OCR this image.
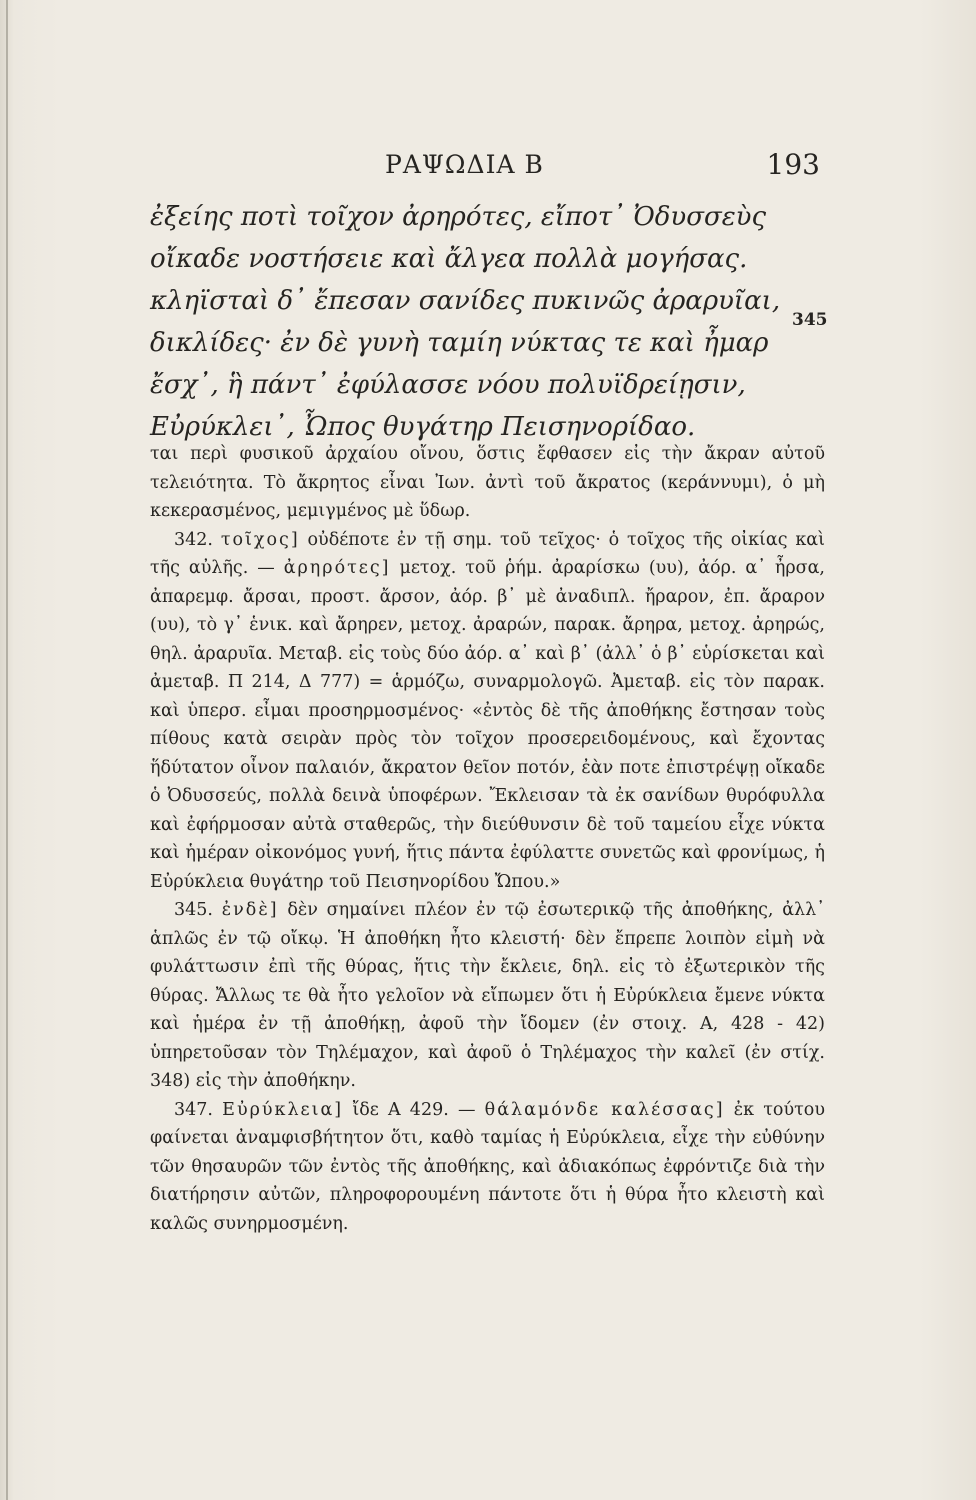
ΡΑΨΩΔΙΑ Β	193
ἐξείης ποτὶ τοῖχον ἀρηρότες, εἴποτ᾽ Ὀδυσσεὺς
οἴκαδε νοστήσειε καὶ ἄλγεα πολλὰ μογήσας.
κληϊσταὶ δ᾽ ἔπεσαν σανίδες πυκινῶς ἀραρυῖαι,
δικλίδες· ἐν δὲ γυνὴ ταμίη νύκτας τε καὶ ἦμαρ
ἔσχ᾽, ἣ πάντ᾽ ἐφύλασσε νόου πολυϊδρείῃσιν,
Εὐρύκλει᾽, Ὦπος θυγάτηρ Πεισηνορίδαο.
345

ται περὶ φυσικοῦ ἀρχαίου οἴνου, ὅστις ἔφθασεν εἰς τὴν ἄκραν αὐτοῦ τελειότητα. Τὸ ἄκρητος εἶναι Ἰων. ἀντὶ τοῦ ἄκρατος (κεράννυμι), ὁ μὴ κεκερασμένος, μεμιγμένος μὲ ὕδωρ.

342. τοῖχος] οὐδέποτε ἐν τῇ σημ. τοῦ τεῖχος· ὁ τοῖχος τῆς οἰκίας καὶ τῆς αὐλῆς. — ἀρηρότες] μετοχ. τοῦ ῥήμ. ἀραρίσκω (υυ), ἀόρ. α᾽ ἦρσα, ἀπαρεμφ. ἄρσαι, προστ. ἄρσον, ἀόρ. β᾽ μὲ ἀναδιπλ. ἤραρον, ἐπ. ἄραρον (υυ), τὸ γ᾽ ἑνικ. καὶ ἄρηρεν, μετοχ. ἀραρών, παρακ. ἄρηρα, μετοχ. ἀρηρώς, θηλ. ἀραρυῖα. Μεταβ. εἰς τοὺς δύο ἀόρ. α᾽ καὶ β᾽ (ἀλλ᾽ ὁ β᾽ εὑρίσκεται καὶ ἀμεταβ. Π 214, Δ 777) = ἁρμόζω, συναρμολογῶ. Ἀμεταβ. εἰς τὸν παρακ. καὶ ὑπερσ. εἶμαι προσηρμοσμένος· «ἐντὸς δὲ τῆς ἀποθήκης ἔστησαν τοὺς πίθους κατὰ σειρὰν πρὸς τὸν τοῖχον προσερειδομένους, καὶ ἔχοντας ἥδύτατον οἶνον παλαιόν, ἄκρατον θεῖον ποτόν, ἐὰν ποτε ἐπιστρέψῃ οἴκαδε ὁ Ὀδυσσεύς, πολλὰ δεινὰ ὑποφέρων. Ἔκλεισαν τὰ ἐκ σανίδων θυρόφυλλα καὶ ἐφήρμοσαν αὐτὰ σταθερῶς, τὴν διεύθυνσιν δὲ τοῦ ταμείου εἶχε νύκτα καὶ ἡμέραν οἰκονόμος γυνή, ἥτις πάντα ἐφύλαττε συνετῶς καὶ φρονίμως, ἡ Εὐρύκλεια θυγάτηρ τοῦ Πεισηνορίδου Ὤπου.»

345. ἐνδὲ] δὲν σημαίνει πλέον ἐν τῷ ἐσωτερικῷ τῆς ἀποθήκης, ἀλλ᾽ ἁπλῶς ἐν τῷ οἴκῳ. Ἡ ἀποθήκη ἦτο κλειστή· δὲν ἔπρεπε λοιπὸν εἰμὴ νὰ φυλάττωσιν ἐπὶ τῆς θύρας, ἥτις τὴν ἔκλειε, δηλ. εἰς τὸ ἐξωτερικὸν τῆς θύρας. Ἄλλως τε θὰ ἦτο γελοῖον νὰ εἴπωμεν ὅτι ἡ Εὐρύκλεια ἔμενε νύκτα καὶ ἡμέρα ἐν τῇ ἀποθήκῃ, ἀφοῦ τὴν ἴδομεν (ἐν στοιχ. Α, 428 - 42) ὑπηρετοῦσαν τὸν Τηλέμαχον, καὶ ἀφοῦ ὁ Τηλέμαχος τὴν καλεῖ (ἐν στίχ. 348) εἰς τὴν ἀποθήκην.

347. Εὐρύκλεια] ἴδε Α 429. — θάλαμόνδε καλέσσας] ἐκ τούτου φαίνεται ἀναμφισβήτητον ὅτι, καθὸ ταμίας ἡ Εὐρύκλεια, εἶχε τὴν εὐθύνην τῶν θησαυρῶν τῶν ἐντὸς τῆς ἀποθήκης, καὶ ἀδιακόπως ἐφρόντιζε διὰ τὴν διατήρησιν αὐτῶν, πληροφορουμένη πάντοτε ὅτι ἡ θύρα ἦτο κλειστὴ καὶ καλῶς συνηρμοσμένη.
